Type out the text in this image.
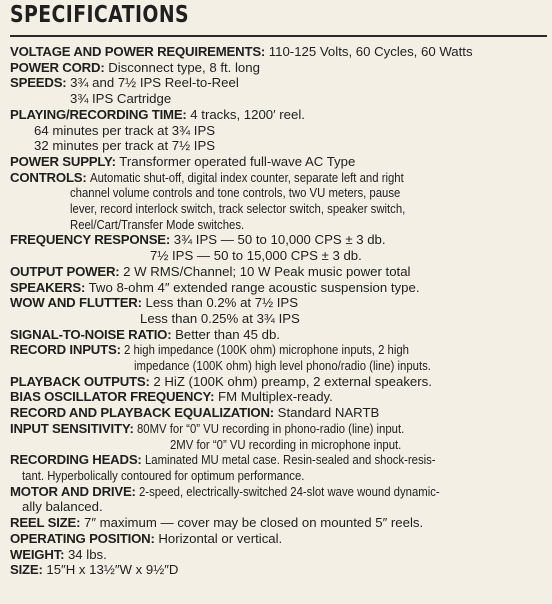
SPECIFICATIONS
VOLTAGE AND POWER REQUIREMENTS: 110-125 Volts, 60 Cycles, 60 Watts
POWER CORD: Disconnect type, 8 ft. long
SPEEDS: 3¾ and 7½ IPS Reel-to-Reel
3¾ IPS Cartridge
PLAYING/RECORDING TIME: 4 tracks, 1200′ reel.
64 minutes per track at 3¾ IPS
32 minutes per track at 7½ IPS
POWER SUPPLY: Transformer operated full-wave AC Type
CONTROLS: Automatic shut-off, digital index counter, separate left and right
channel volume controls and tone controls, two VU meters, pause
lever, record interlock switch, track selector switch, speaker switch,
Reel/Cart/Transfer Mode switches.
FREQUENCY RESPONSE: 3¾ IPS — 50 to 10,000 CPS ± 3 db.
7½ IPS — 50 to 15,000 CPS ± 3 db.
OUTPUT POWER: 2 W RMS/Channel; 10 W Peak music power total
SPEAKERS: Two 8-ohm 4″ extended range acoustic suspension type.
WOW AND FLUTTER: Less than 0.2% at 7½ IPS
Less than 0.25% at 3¾ IPS
SIGNAL-TO-NOISE RATIO: Better than 45 db.
RECORD INPUTS: 2 high impedance (100K ohm) microphone inputs, 2 high
impedance (100K ohm) high level phono/radio (line) inputs.
PLAYBACK OUTPUTS: 2 HiZ (100K ohm) preamp, 2 external speakers.
BIAS OSCILLATOR FREQUENCY: FM Multiplex-ready.
RECORD AND PLAYBACK EQUALIZATION: Standard NARTB
INPUT SENSITIVITY: 80MV for “0” VU recording in phono-radio (line) input.
2MV for “0” VU recording in microphone input.
RECORDING HEADS: Laminated MU metal case. Resin-sealed and shock-resis-
tant. Hyperbolically contoured for optimum performance.
MOTOR AND DRIVE: 2-speed, electrically-switched 24-slot wave wound dynamic-
ally balanced.
REEL SIZE: 7″ maximum — cover may be closed on mounted 5″ reels.
OPERATING POSITION: Horizontal or vertical.
WEIGHT: 34 lbs.
SIZE: 15″H x 13½″W x 9½″D
